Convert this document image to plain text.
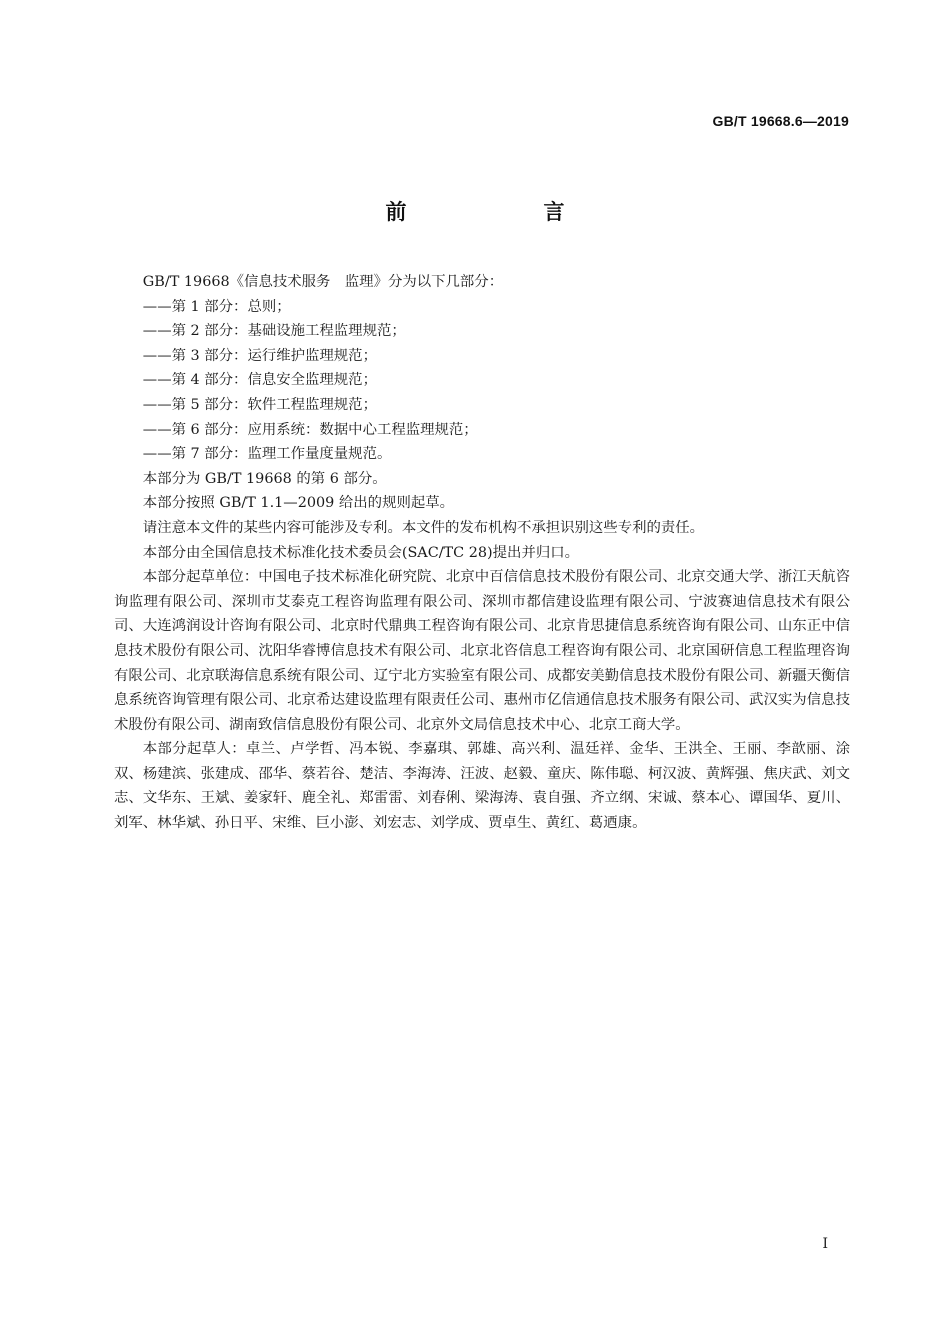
GB/T 19668.6—2019
前　言

GB/T 19668《信息技术服务　监理》分为以下几部分：

——第 1 部分：总则；

——第 2 部分：基础设施工程监理规范；

——第 3 部分：运行维护监理规范；

——第 4 部分：信息安全监理规范；

——第 5 部分：软件工程监理规范；

——第 6 部分：应用系统：数据中心工程监理规范；

——第 7 部分：监理工作量度量规范。

本部分为 GB/T 19668 的第 6 部分。

本部分按照 GB/T 1.1—2009 给出的规则起草。

请注意本文件的某些内容可能涉及专利。本文件的发布机构不承担识别这些专利的责任。

本部分由全国信息技术标准化技术委员会(SAC/TC 28)提出并归口。

本部分起草单位：中国电子技术标准化研究院、北京中百信信息技术股份有限公司、北京交通大学、浙江天航咨询监理有限公司、深圳市艾泰克工程咨询监理有限公司、深圳市都信建设监理有限公司、宁波赛迪信息技术有限公司、大连鸿润设计咨询有限公司、北京时代鼎典工程咨询有限公司、北京肯思捷信息系统咨询有限公司、山东正中信息技术股份有限公司、沈阳华睿博信息技术有限公司、北京北咨信息工程咨询有限公司、北京国研信息工程监理咨询有限公司、北京联海信息系统有限公司、辽宁北方实验室有限公司、成都安美勤信息技术股份有限公司、新疆天衡信息系统咨询管理有限公司、北京希达建设监理有限责任公司、惠州市亿信通信息技术服务有限公司、武汉实为信息技术股份有限公司、湖南致信信息股份有限公司、北京外文局信息技术中心、北京工商大学。

本部分起草人：卓兰、卢学哲、冯本锐、李嘉琪、郭雄、高兴利、温廷祥、金华、王洪全、王丽、李歆丽、涂双、杨建滨、张建成、邵华、蔡若谷、楚洁、李海涛、汪波、赵毅、童庆、陈伟聪、柯汉波、黄辉强、焦庆武、刘文志、文华东、王斌、姜家轩、鹿全礼、郑雷雷、刘春俐、梁海涛、袁自强、齐立纲、宋诚、蔡本心、谭国华、夏川、刘军、林华斌、孙日平、宋维、巨小澎、刘宏志、刘学成、贾卓生、黄红、葛迺康。

I
